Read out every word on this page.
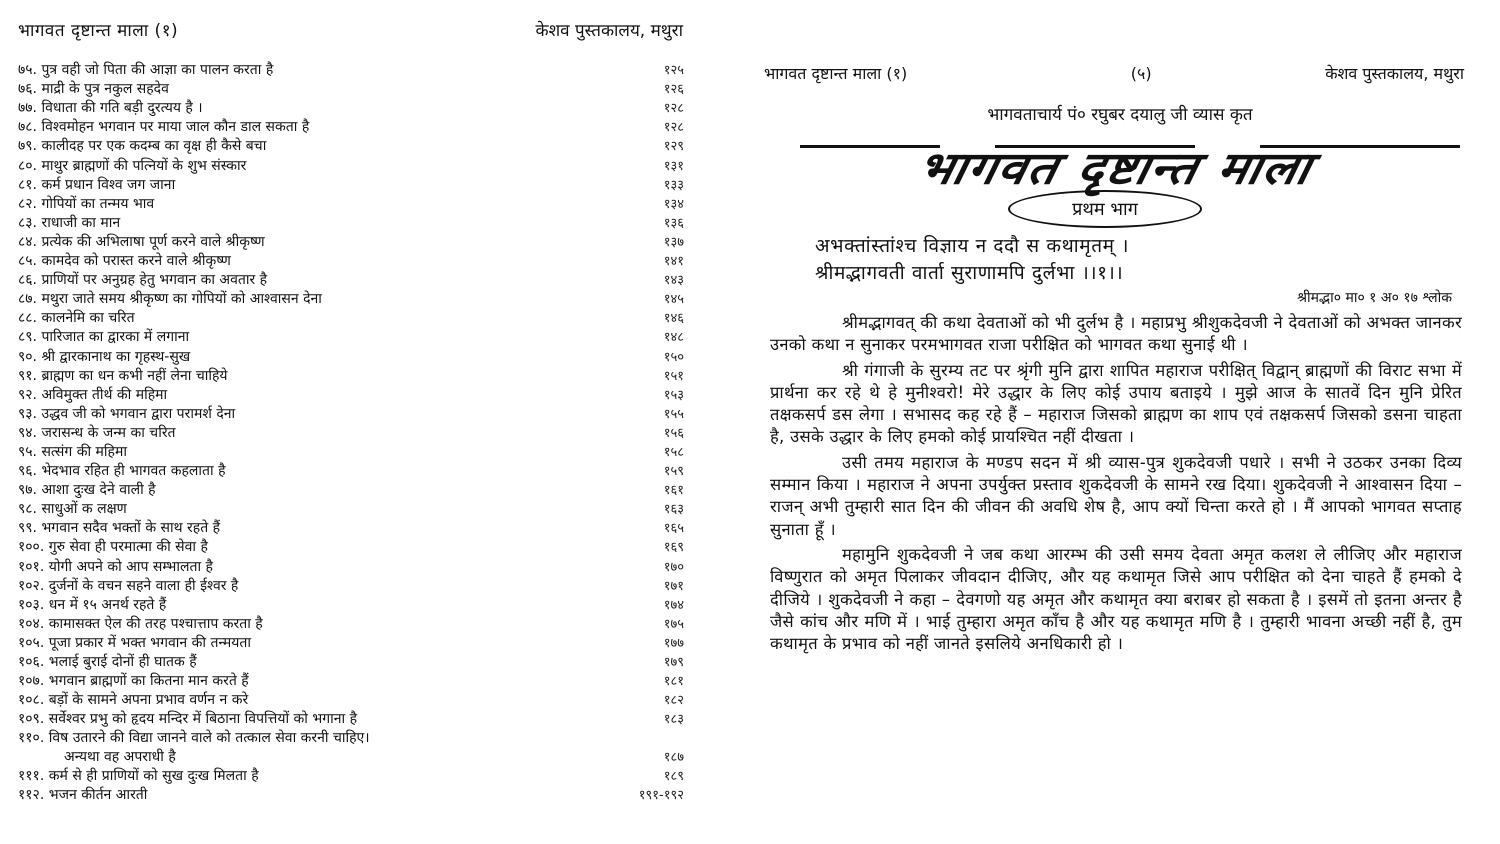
भागवत दृष्टान्त माला (१)	केशव पुस्तकालय, मथुरा
७५. पुत्र वही जो पिता की आज्ञा का पालन करता है	१२५
७६. माद्री के पुत्र नकुल सहदेव	१२६
७७. विधाता की गति बड़ी दुरत्यय है ।	१२८
७८. विश्वमोहन भगवान पर माया जाल कौन डाल सकता है	१२८
७९. कालीदह पर एक कदम्ब का वृक्ष ही कैसे बचा	१२९
८०. माथुर ब्राह्मणों की पत्नियों के शुभ संस्कार	१३१
८१. कर्म प्रधान विश्व जग जाना	१३३
८२. गोपियों का तन्मय भाव	१३४
८३. राधाजी का मान	१३६
८४. प्रत्येक की अभिलाषा पूर्ण करने वाले श्रीकृष्ण	१३७
८५. कामदेव को परास्त करने वाले श्रीकृष्ण	१४१
८६. प्राणियों पर अनुग्रह हेतु भगवान का अवतार है	१४३
८७. मथुरा जाते समय श्रीकृष्ण का गोपियों को आश्वासन देना	१४५
८८. कालनेमि का चरित	१४६
८९. पारिजात का द्वारका में लगाना	१४८
९०. श्री द्वारकानाथ का गृहस्थ-सुख	१५०
९१. ब्राह्मण का धन कभी नहीं लेना चाहिये	१५१
९२. अविमुक्त तीर्थ की महिमा	१५३
९३. उद्धव जी को भगवान द्वारा परामर्श देना	१५५
९४. जरासन्ध के जन्म का चरित	१५६
९५. सत्संग की महिमा	१५८
९६. भेदभाव रहित ही भागवत कहलाता है	१५९
९७. आशा दुःख देने वाली है	१६१
९८. साधुओं क लक्षण	१६३
९९. भगवान सदैव भक्तों के साथ रहते हैं	१६५
१००. गुरु सेवा ही परमात्मा की सेवा है	१६९
१०१. योगी अपने को आप सम्भालता है	१७०
१०२. दुर्जनों के वचन सहने वाला ही ईश्वर है	१७१
१०३. धन में १५ अनर्थ रहते हैं	१७४
१०४. कामासक्त ऐल की तरह पश्चात्ताप करता है	१७५
१०५. पूजा प्रकार में भक्त भगवान की तन्मयता	१७७
१०६. भलाई बुराई दोनों ही घातक हैं	१७९
१०७. भगवान ब्राह्मणों का कितना मान करते हैं	१८१
१०८. बड़ों के सामने अपना प्रभाव वर्णन न करे	१८२
१०९. सर्वेश्वर प्रभु को हृदय मन्दिर में बिठाना विपत्तियों को भगाना है	१८३
११०. विष उतारने की विद्या जानने वाले को तत्काल सेवा करनी चाहिए।
अन्यथा वह अपराधी है	१८७
१११. कर्म से ही प्राणियों को सुख दुःख मिलता है	१८९
११२. भजन कीर्तन आरती	१९१-१९२
भागवत दृष्टान्त माला (१)	(५)	केशव पुस्तकालय, मथुरा
भागवताचार्य पं० रघुबर दयालु जी व्यास कृत
भागवत दृष्टान्त माला
प्रथम भाग
अभक्तांस्तांश्च विज्ञाय न ददौ स कथामृतम् ।
श्रीमद्भागवती वार्ता सुराणामपि दुर्लभा ।।१।।
श्रीमद्भा० मा० १ अ० १७ श्लोक

श्रीमद्भागवत् की कथा देवताओं को भी दुर्लभ है । महाप्रभु श्रीशुकदेवजी ने देवताओं को अभक्त जानकर उनको कथा न सुनाकर परमभागवत राजा परीक्षित को भागवत कथा सुनाई थी ।

श्री गंगाजी के सुरम्य तट पर श्रृंगी मुनि द्वारा शापित महाराज परीक्षित् विद्वान् ब्राह्मणों की विराट सभा में प्रार्थना कर रहे थे हे मुनीश्वरो! मेरे उद्धार के लिए कोई उपाय बताइये । मुझे आज के सातवें दिन मुनि प्रेरित तक्षकसर्प डस लेगा । सभासद कह रहे हैं – महाराज जिसको ब्राह्मण का शाप एवं तक्षकसर्प जिसको डसना चाहता है, उसके उद्धार के लिए हमको कोई प्रायश्चित नहीं दीखता ।

उसी तमय महाराज के मण्डप सदन में श्री व्यास-पुत्र शुकदेवजी पधारे । सभी ने उठकर उनका दिव्य सम्मान किया । महाराज ने अपना उपर्युक्त प्रस्ताव शुकदेवजी के सामने रख दिया। शुकदेवजी ने आश्वासन दिया – राजन् अभी तुम्हारी सात दिन की जीवन की अवधि शेष है, आप क्यों चिन्ता करते हो । मैं आपको भागवत सप्ताह सुनाता हूँ ।

महामुनि शुकदेवजी ने जब कथा आरम्भ की उसी समय देवता अमृत कलश ले लीजिए और महाराज विष्णुरात को अमृत पिलाकर जीवदान दीजिए, और यह कथामृत जिसे आप परीक्षित को देना चाहते हैं हमको दे दीजिये । शुकदेवजी ने कहा – देवगणो यह अमृत और कथामृत क्या बराबर हो सकता है । इसमें तो इतना अन्तर है जैसे कांच और मणि में । भाई तुम्हारा अमृत काँच है और यह कथामृत मणि है । तुम्हारी भावना अच्छी नहीं है, तुम कथामृत के प्रभाव को नहीं जानते इसलिये अनधिकारी हो ।
